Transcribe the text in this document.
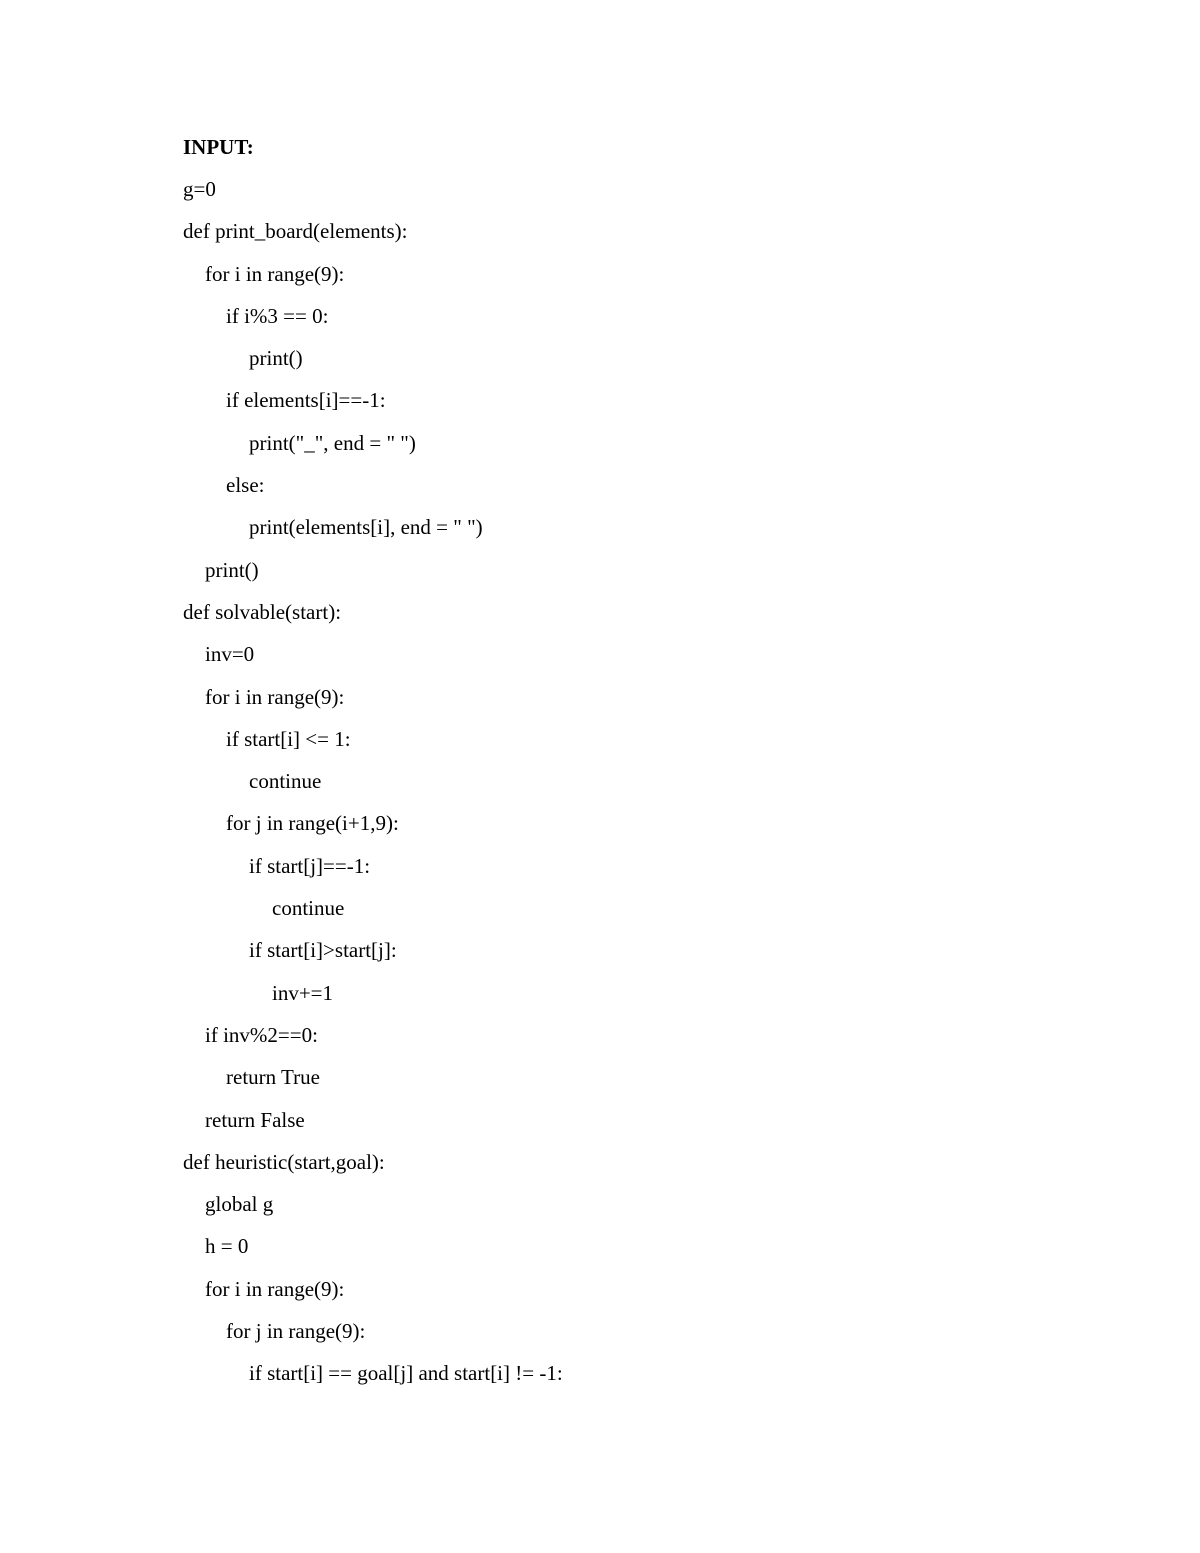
INPUT:
g=0
def print_board(elements):
for i in range(9):
if i%3 == 0:
print()
if elements[i]==-1:
print("_", end = " ")
else:
print(elements[i], end = " ")
print()
def solvable(start):
inv=0
for i in range(9):
if start[i] <= 1:
continue
for j in range(i+1,9):
if start[j]==-1:
continue
if start[i]>start[j]:
inv+=1
if inv%2==0:
return True
return False
def heuristic(start,goal):
global g
h = 0
for i in range(9):
for j in range(9):
if start[i] == goal[j] and start[i] != -1:
